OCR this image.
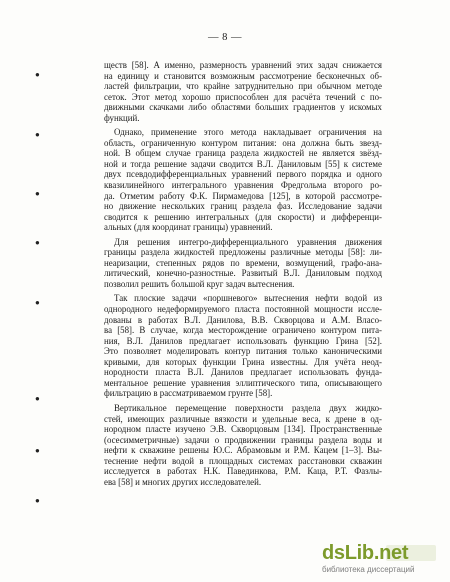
— 8 —
●
●
●
●
●
●
●
●
ществ [58]. А именно, размерность уравнений этих задач снижается
на единицу и становится возможным рассмотрение бесконечных об-
ластей фильтрации, что крайне затруднительно при обычном методе
сеток. Этот метод хорошо приспособлен для расчёта течений с по-
движными скачками либо областями больших градиентов у искомых
функций.
Однако, применение этого метода накладывает ограничения на
область, ограниченную контуром питания: она должна быть звезд-
ной. В общем случае граница раздела жидкостей не является звёзд-
ной и тогда решение задачи сводится В.Л. Даниловым [55] к системе
двух псевдодифференциальных уравнений первого порядка и одного
квазилинейного интегрального уравнения Фредгольма второго ро-
да. Отметим работу Ф.К. Пирмамедова [125], в которой рассмотре-
но движение нескольких границ раздела фаз. Исследование задачи
сводится к решению интегральных (для скорости) и дифференци-
альных (для координат границы) уравнений.
Для решения интегро-дифференциального уравнения движения
границы раздела жидкостей предложены различные методы [58]: ли-
неаризации, степенных рядов по времени, возмущений, графо-ана-
литический, конечно-разностные. Развитый В.Л. Даниловым подход
позволил решить большой круг задач вытеснения.
Так плоские задачи «поршневого» вытеснения нефти водой из
однородного недеформируемого пласта постоянной мощности иссле-
дованы в работах В.Л. Данилова, В.В. Скворцова и А.М. Власо-
ва [58]. В случае, когда месторождение ограничено контуром пита-
ния, В.Л. Данилов предлагает использовать функцию Грина [52].
Это позволяет моделировать контур питания только каноническими
кривыми, для которых функции Грина известны. Для учёта неод-
нородности пласта В.Л. Данилов предлагает использовать фунда-
ментальное решение уравнения эллиптического типа, описывающего
фильтрацию в рассматриваемом грунте [58].
Вертикальное перемещение поверхности раздела двух жидко-
стей, имеющих различные вязкости и удельные веса, к дрене в од-
нородном пласте изучено Э.В. Скворцовым [134]. Пространственные
(осесимметричные) задачи о продвижении границы раздела воды и
нефти к скважине решены Ю.С. Абрамовым и Р.М. Кацем [1–3]. Вы-
теснение нефти водой в площадных системах расстановки скважин
исследуется в работах Н.К. Павединкова, Р.М. Каца, Р.Т. Фазлы-
ева [58] и многих других исследователей.
dsLib.net
библиотека диссертаций
